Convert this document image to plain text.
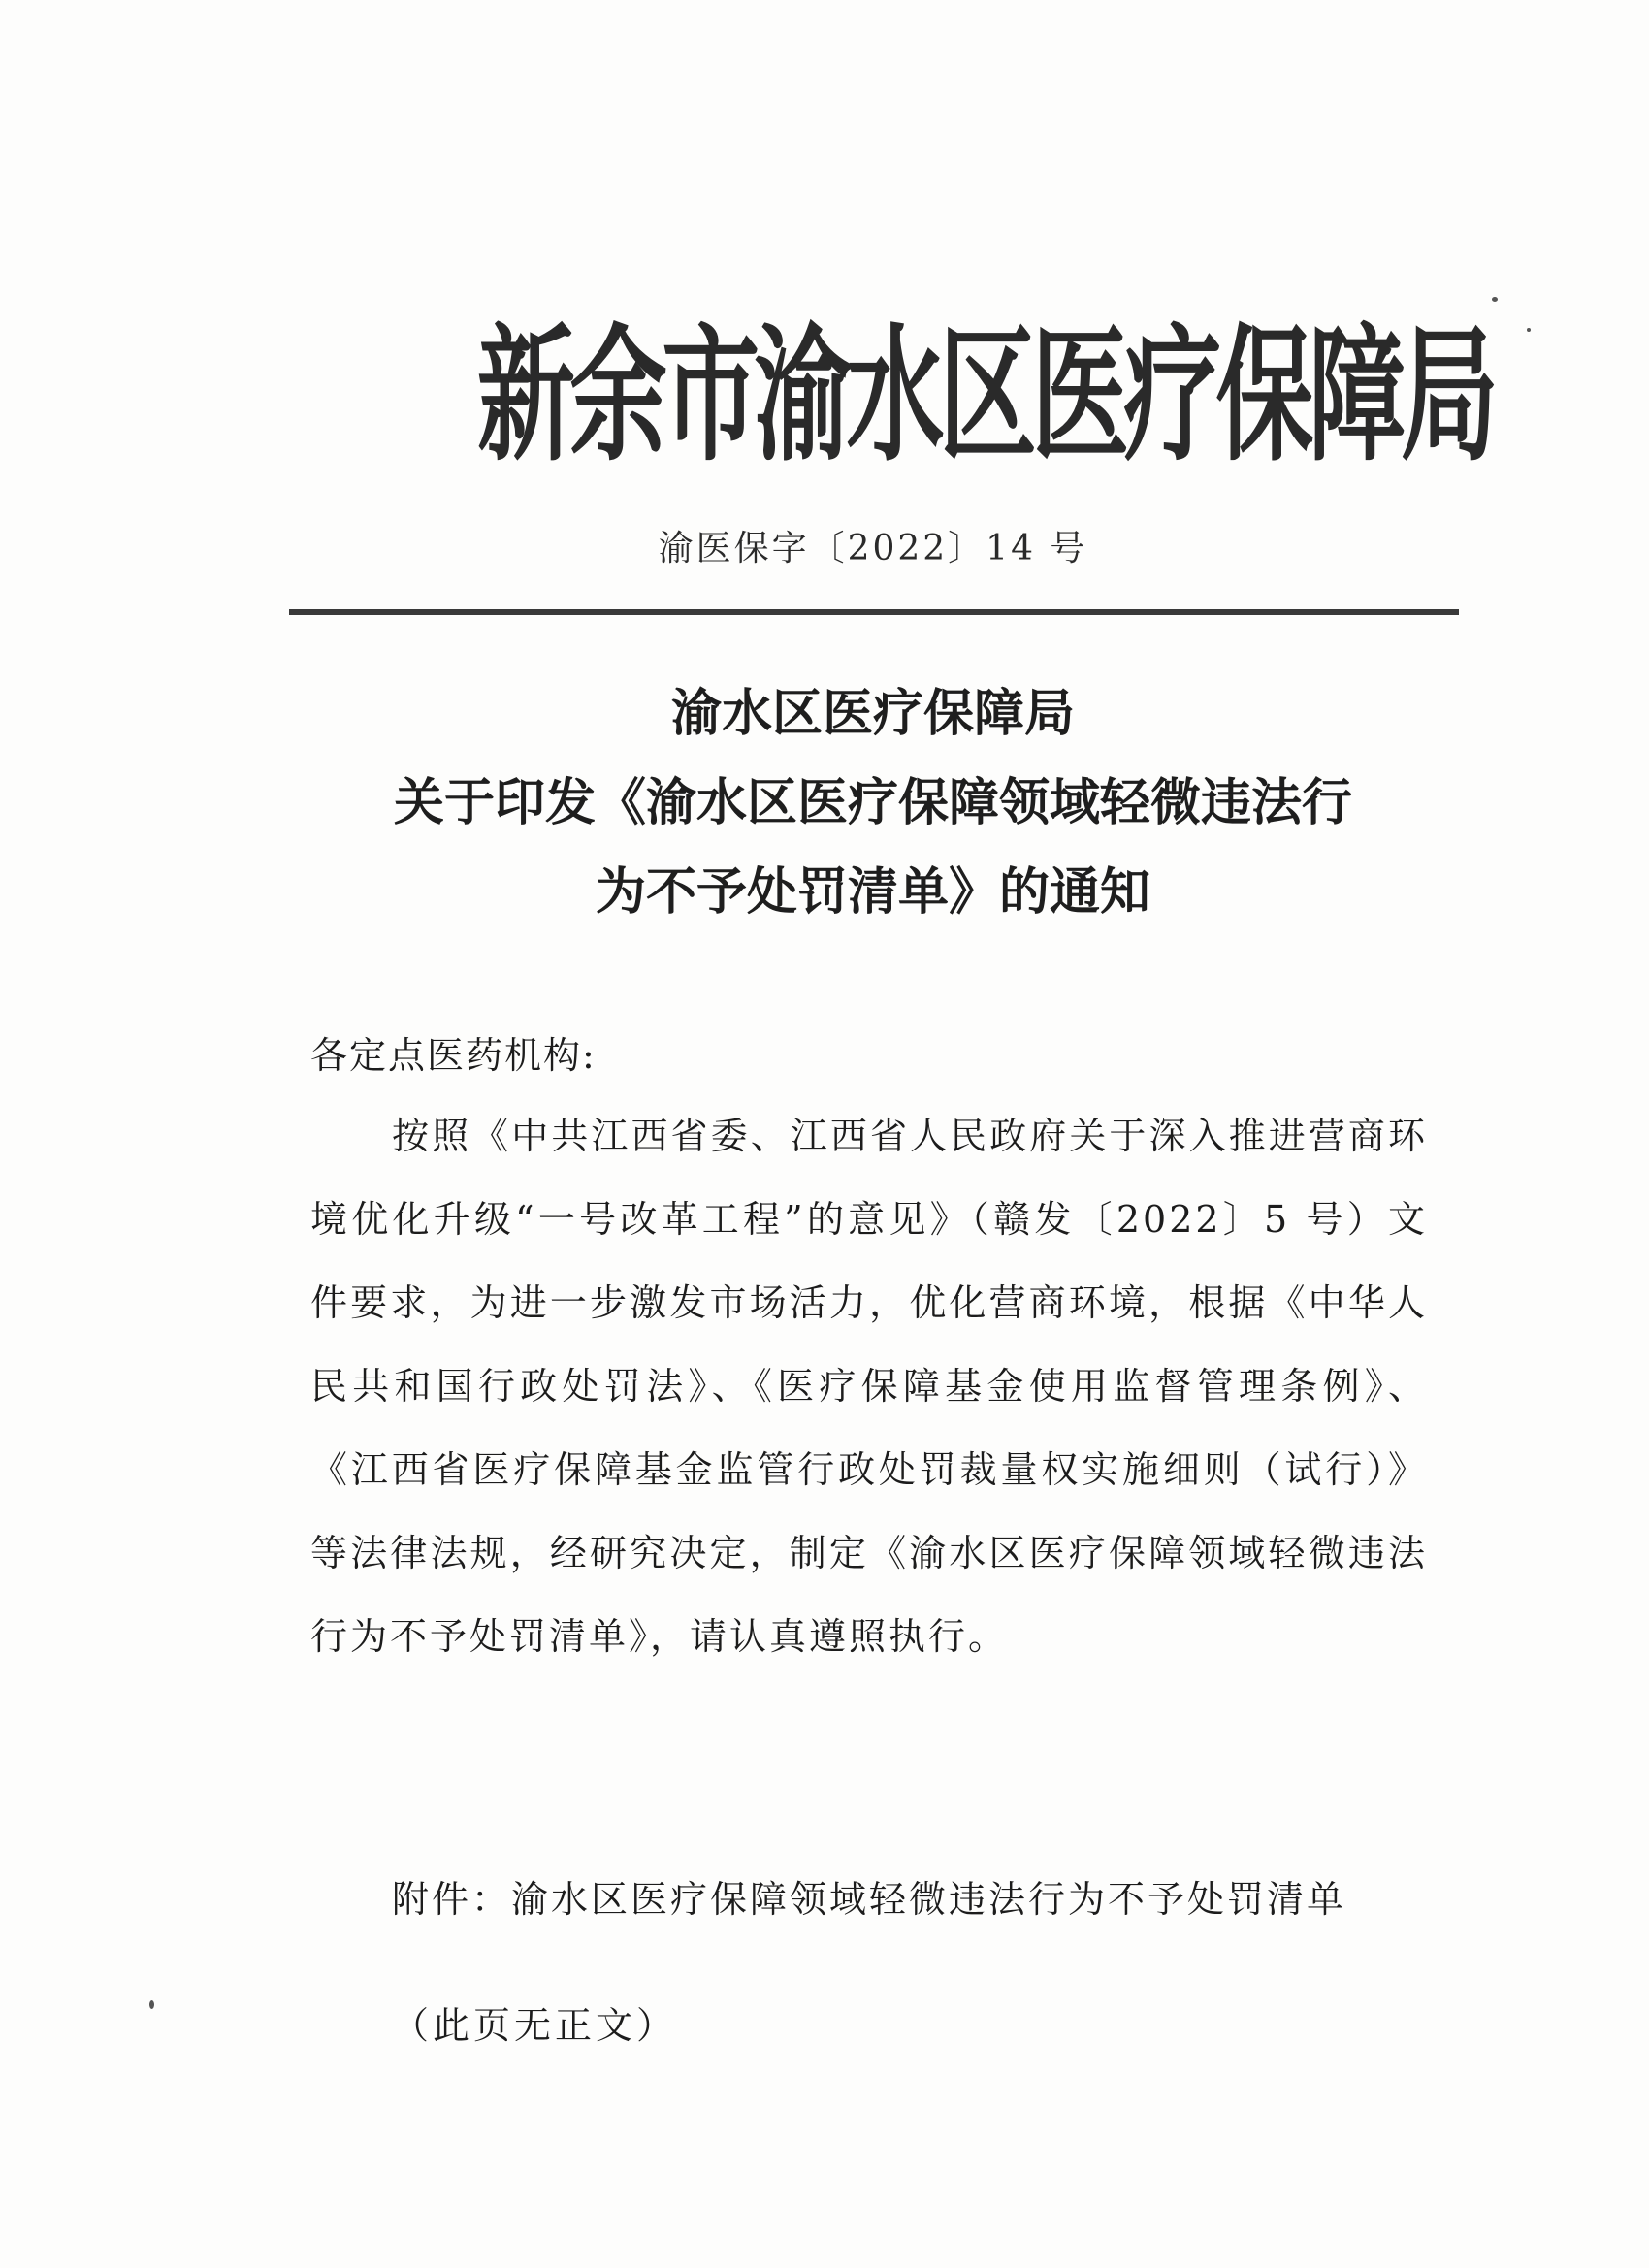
新余市渝水区医疗保障局
渝医保字〔2022〕14 号
渝水区医疗保障局
关于印发《渝水区医疗保障领域轻微违法行
为不予处罚清单》的通知
各定点医药机构:
按照《中共江西省委、江西省人民政府关于深入推进营商环境优化升级“一号改革工程”的意见》（赣发〔2022〕5 号）文件要求，为进一步激发市场活力，优化营商环境，根据《中华人民共和国行政处罚法》、《医疗保障基金使用监督管理条例》、《江西省医疗保障基金监管行政处罚裁量权实施细则（试行）》等法律法规，经研究决定，制定《渝水区医疗保障领域轻微违法行为不予处罚清单》，请认真遵照执行。
附件：渝水区医疗保障领域轻微违法行为不予处罚清单
（此页无正文）
